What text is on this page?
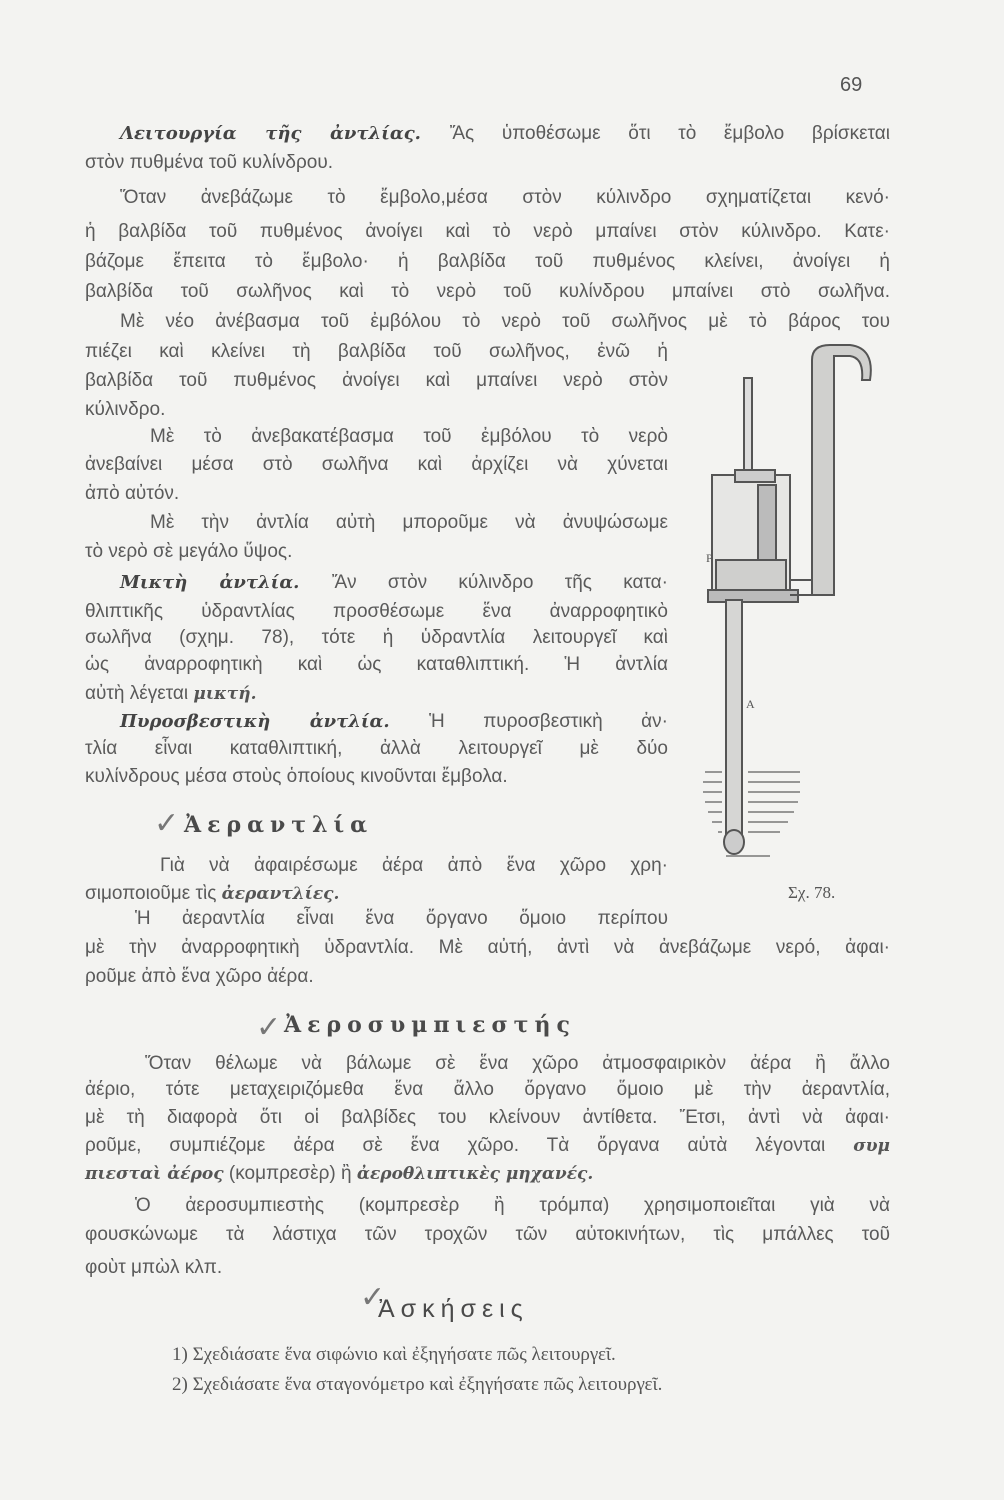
69
Λειτουργία τῆς ἀντλίας. Ἄς ὑποθέσωμε ὅτι τὸ ἔμβολο βρίσκεται
στὸν πυθμένα τοῦ κυλίνδρου.
Ὅταν ἀνεβάζωμε τὸ ἔμβολο,μέσα στὸν κύλινδρο σχηματίζεται κενό·
ἡ βαλβίδα τοῦ πυθμένος ἀνοίγει καὶ τὸ νερὸ μπαίνει στὸν κύλινδρο. Κατε·
βάζομε ἔπειτα τὸ ἔμβολο· ἡ βαλβίδα τοῦ πυθμένος κλείνει, ἀνοίγει ἡ
βαλβίδα τοῦ σωλῆνος καὶ τὸ νερὸ τοῦ κυλίνδρου μπαίνει στὸ σωλῆνα.
Μὲ νέο ἀνέβασμα τοῦ ἐμβόλου τὸ νερὸ τοῦ σωλῆνος μὲ τὸ βάρος του
πιέζει καὶ κλείνει τὴ βαλβίδα τοῦ σωλῆνος, ἐνῶ ἡ
βαλβίδα τοῦ πυθμένος ἀνοίγει καὶ μπαίνει νερὸ στὸν
κύλινδρο.
Μὲ τὸ ἀνεβακατέβασμα τοῦ ἐμβόλου τὸ νερὸ
ἀνεβαίνει μέσα στὸ σωλῆνα καὶ ἀρχίζει νὰ χύνεται
ἀπὸ αὐτόν.
Μὲ τὴν ἀντλία αὐτὴ μποροῦμε νὰ ἀνυψώσωμε
τὸ νερὸ σὲ μεγάλο ὕψος.
Μικτὴ ἀντλία. Ἄν στὸν κύλινδρο τῆς κατα·
θλιπτικῆς ὑδραντλίας προσθέσωμε ἕνα ἀναρροφητικὸ
σωλῆνα (σχημ. 78), τότε ἡ ὑδραντλία λειτουργεῖ καὶ
ὡς ἀναρροφητικὴ καὶ ὡς καταθλιπτική. Ἡ ἀντλία
αὐτὴ λέγεται μικτή.
Πυροσβεστικὴ ἀντλία. Ἡ πυροσβεστικὴ ἀν·
τλία εἶναι καταθλιπτική, ἀλλὰ λειτουργεῖ μὲ δύο
κυλίνδρους μέσα στοὺς ὁποίους κινοῦνται ἔμβολα.
Γιὰ νὰ ἀφαιρέσωμε ἀέρα ἀπὸ ἕνα χῶρο χρη·
σιμοποιοῦμε τὶς ἀεραντλίες.
Ἡ ἀεραντλία εἶναι ἕνα ὄργανο ὅμοιο περίπου
μὲ τὴν ἀναρροφητικὴ ὑδραντλία. Μὲ αὐτή, ἀντὶ νὰ ἀνεβάζωμε νερό, ἀφαι·
ροῦμε ἀπὸ ἕνα χῶρο ἀέρα.
Ὅταν θέλωμε νὰ βάλωμε σὲ ἕνα χῶρο ἀτμοσφαιρικὸν ἀέρα ἢ ἄλλο
ἀέριο, τότε μεταχειριζόμεθα ἕνα ἄλλο ὄργανο ὅμοιο μὲ τὴν ἀεραντλία,
μὲ τὴ διαφορὰ ὅτι οἱ βαλβίδες του κλείνουν ἀντίθετα. Ἔτσι, ἀντὶ νὰ ἀφαι·
ροῦμε, συμπιέζομε ἀέρα σὲ ἕνα χῶρο. Τὰ ὄργανα αὐτὰ λέγονται συμ
πιεσταὶ ἀέρος (κομπρεσὲρ) ἢ ἀεροθλιπτικὲς μηχανές.
Ὁ ἀεροσυμπιεστὴς (κομπρεσὲρ ἢ τρόμπα) χρησιμοποιεῖται γιὰ νὰ
φουσκώνωμε τὰ λάστιχα τῶν τροχῶν τῶν αὐτοκινήτων, τὶς μπάλλες τοῦ
φοὺτ μπὼλ κλπ.
✓ Ἀεραντλία
✓ Ἀεροσυμπιεστής
✓
Ἀσκήσεις
1) Σχεδιάσατε ἕνα σιφώνιο καὶ ἐξηγήσατε πῶς λειτουργεῖ.
2) Σχεδιάσατε ἕνα σταγονόμετρο καὶ ἐξηγήσατε πῶς λειτουργεῖ.
Σχ. 78.
P
A
